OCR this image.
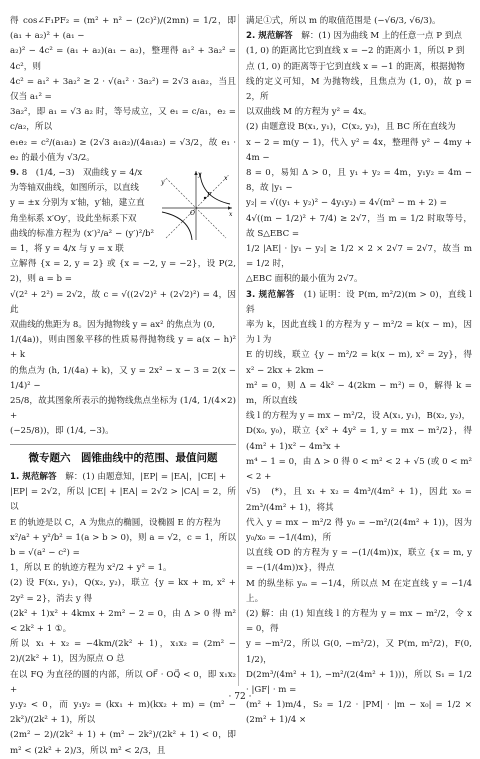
得 cos∠F₁PF₂ = (m² + n² − (2c)²)/(2mn) = 1/2，即(a₁ + a₂)² + (a₁ −

a₂)² − 4c² = (a₁ + a₂)(a₁ − a₂)，整理得 a₁² + 3a₂² = 4c²，则

4c² = a₁² + 3a₂² ≥ 2 · √(a₁² · 3a₂²) = 2√3 a₁a₂，当且仅当 a₁² =

3a₂²，即 a₁ = √3 a₂ 时，等号成立，又 e₁ = c/a₁，e₂ = c/a₂，所以

e₁e₂ = c²/(a₁a₂) ≥ (2√3 a₁a₂)/(4a₁a₂) = √3/2，故 e₁ · e₂ 的最小值为 √3/2。

x
y
x′
y′
O
P

9. 8　(1/4, −3)　双曲线 y = 4/x

为等轴双曲线，如图所示，以直线

y = ±x 分别为 x′轴，y′轴，建立直

角坐标系 x′Oy′，设此坐标系下双

曲线的标准方程为 (x′)²/a² − (y′)²/b² = 1，将 y = 4/x 与 y = x 联

立解得 {x = 2, y = 2} 或 {x = −2, y = −2}，设 P(2, 2)，则 a = b =

√(2² + 2²) = 2√2，故 c = √((2√2)² + (2√2)²) = 4，因此

双曲线的焦距为 8。因为抛物线 y = ax² 的焦点为 (0,

1/(4a))，则由图象平移的性质易得抛物线 y = a(x − h)² + k

的焦点为 (h, 1/(4a) + k)，又 y = 2x² − x − 3 = 2(x − 1/4)² −

25/8，故其图象所表示的抛物线焦点坐标为 (1/4, 1/(4×2) +

(−25/8))，即 (1/4, −3)。

微专题六　圆锥曲线中的范围、最值问题

1. 规范解答　 解：(1) 由题意知，|EP| = |EA|，|CE| +

|EP| = 2√2，所以 |CE| + |EA| = 2√2 > |CA| = 2，所以

E 的轨迹是以 C，A 为焦点的椭圆，设椭圆 E 的方程为

x²/a² + y²/b² = 1(a > b > 0)，则 a = √2，c = 1，所以 b = √(a² − c²) =

1，所以 E 的轨迹方程为 x²/2 + y² = 1。

(2) 设 F(x₁, y₁)，Q(x₂, y₂)，联立 {y = kx + m, x² + 2y² = 2}，消去 y 得

(2k² + 1)x² + 4kmx + 2m² − 2 = 0，由 Δ > 0 得 m² < 2k² + 1 ①。

所以 x₁ + x₂ = −4km/(2k² + 1)，x₁x₂ = (2m² − 2)/(2k² + 1)，因为原点 O 总

在以 FQ 为直径的圆的内部，所以 OF⃗ · OQ⃗ < 0，即 x₁x₂ +

y₁y₂ < 0，而 y₁y₂ = (kx₁ + m)(kx₂ + m) = (m² − 2k²)/(2k² + 1)，所以

(2m² − 2)/(2k² + 1) + (m² − 2k²)/(2k² + 1) < 0，即 m² < (2k² + 2)/3，所以 m² < 2/3，且

满足①式，所以 m 的取值范围是 (−√6/3, √6/3)。

2. 规范解答　 解：(1) 因为曲线 M 上的任意一点 P 到点

(1, 0) 的距离比它到直线 x = −2 的距离小 1，所以 P 到

点 (1, 0) 的距离等于它到直线 x = −1 的距离，根据抛物

线的定义可知，M 为抛物线，且焦点为 (1, 0)，故 p = 2，所

以双曲线 M 的方程为 y² = 4x。

(2) 由题意设 B(x₁, y₁)，C(x₂, y₂)，且 BC 所在直线为

x − 2 = m(y − 1)，代入 y² = 4x，整理得 y² − 4my + 4m −

8 = 0，易知 Δ > 0，且 y₁ + y₂ = 4m，y₁y₂ = 4m − 8，故 |y₁ −

y₂| = √((y₁ + y₂)² − 4y₁y₂) = 4√(m² − m + 2) =

4√((m − 1/2)² + 7/4) ≥ 2√7，当 m = 1/2 时取等号，故 S△EBC =

1/2 |AE| · |y₁ − y₂| ≥ 1/2 × 2 × 2√7 = 2√7，故当 m = 1/2 时，

△EBC 面积的最小值为 2√7。

3. 规范解答　 (1) 证明：设 P(m, m²/2)(m > 0)，直线 l 斜

率为 k，因此直线 l 的方程为 y − m²/2 = k(x − m)，因为 l 为

E 的切线，联立 {y − m²/2 = k(x − m), x² = 2y}，得 x² − 2kx + 2km −

m² = 0，则 Δ = 4k² − 4(2km − m²) = 0，解得 k = m，所以直线

线 l 的方程为 y = mx − m²/2，设 A(x₁, y₁)，B(x₂, y₂)，

D(x₀, y₀)，联立 {x² + 4y² = 1, y = mx − m²/2}，得 (4m² + 1)x² − 4m³x +

m⁴ − 1 = 0，由 Δ > 0 得 0 < m² < 2 + √5 (或 0 < m² < 2 +

√5)　(*)，且 x₁ + x₂ = 4m³/(4m² + 1)，因此 x₀ = 2m³/(4m² + 1)，将其

代入 y = mx − m²/2 得 y₀ = −m²/(2(4m² + 1))，因为 y₀/x₀ = −1/(4m)，所

以直线 OD 的方程为 y = −(1/(4m))x，联立 {x = m, y = −(1/(4m))x}，得点

M 的纵坐标 yₘ = −1/4，所以点 M 在定直线 y = −1/4 上。

(2) 解：由 (1) 知直线 l 的方程为 y = mx − m²/2，令 x = 0，得

y = −m²/2，所以 G(0, −m²/2)，又 P(m, m²/2)，F(0, 1/2)，

D(2m³/(4m² + 1), −m²/(2(4m² + 1)))，所以 S₁ = 1/2 · |GF| · m =

(m² + 1)m/4，S₂ = 1/2 · |PM| · |m − x₀| = 1/2 × (2m² + 1)/4 ×

· 72 ·
